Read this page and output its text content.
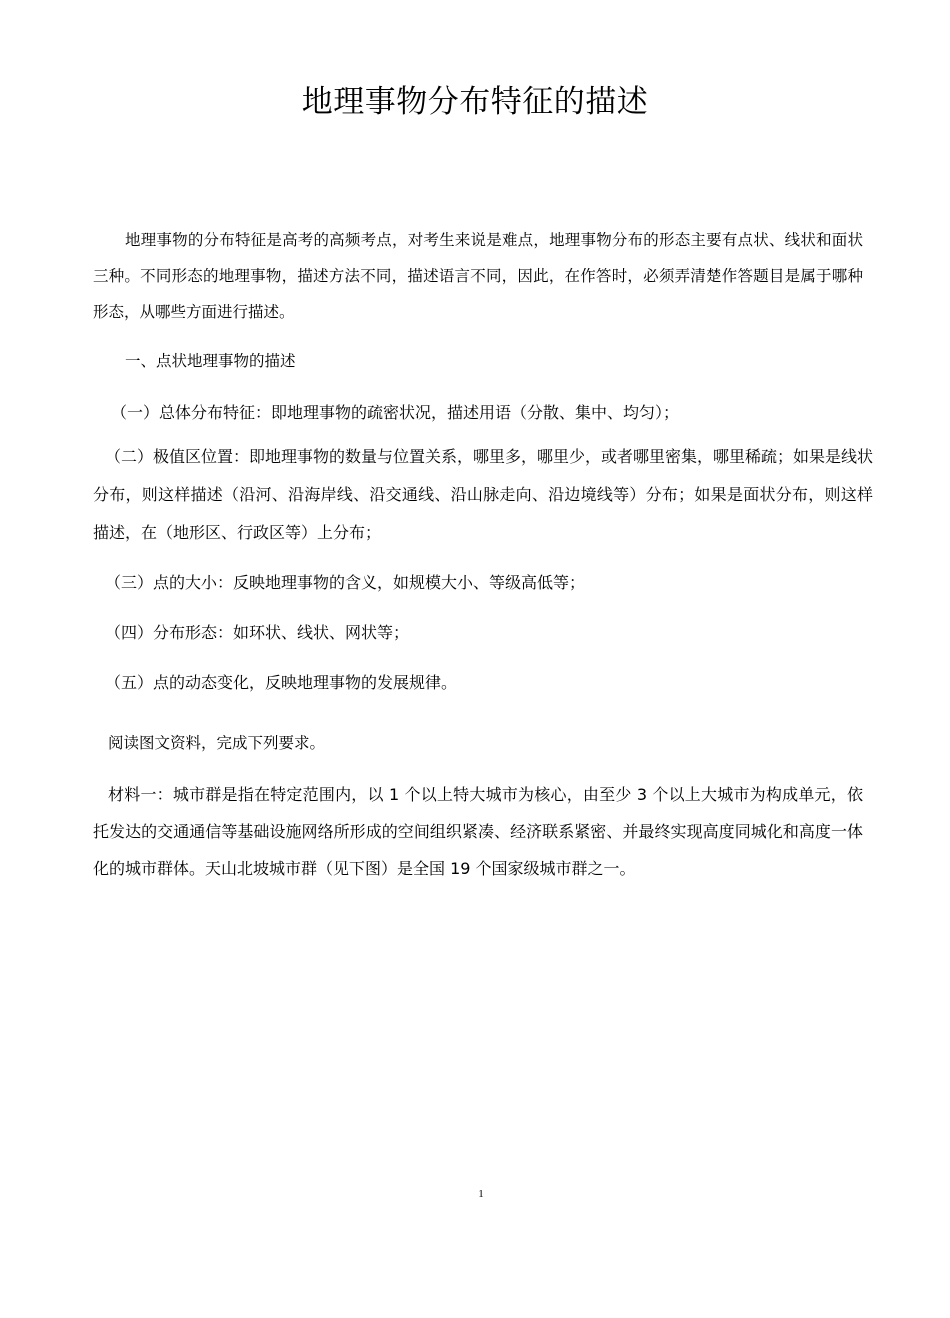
地理事物分布特征的描述

地理事物的分布特征是高考的高频考点，对考生来说是难点，地理事物分布的形态主要有点状、线状和面状三种。不同形态的地理事物，描述方法不同，描述语言不同，因此，在作答时，必须弄清楚作答题目是属于哪种形态，从哪些方面进行描述。

一、点状地理事物的描述

（一）总体分布特征：即地理事物的疏密状况，描述用语（分散、集中、均匀）；

（二）极值区位置：即地理事物的数量与位置关系，哪里多，哪里少，或者哪里密集，哪里稀疏；如果是线状分布，则这样描述（沿河、沿海岸线、沿交通线、沿山脉走向、沿边境线等）分布；如果是面状分布，则这样描述，在（地形区、行政区等）上分布；

（三）点的大小：反映地理事物的含义，如规模大小、等级高低等；

（四）分布形态：如环状、线状、网状等；

（五）点的动态变化，反映地理事物的发展规律。

阅读图文资料，完成下列要求。

材料一：城市群是指在特定范围内，以 1 个以上特大城市为核心，由至少 3 个以上大城市为构成单元，依托发达的交通通信等基础设施网络所形成的空间组织紧凑、经济联系紧密、并最终实现高度同城化和高度一体化的城市群体。天山北坡城市群（见下图）是全国 19 个国家级城市群之一。

1
